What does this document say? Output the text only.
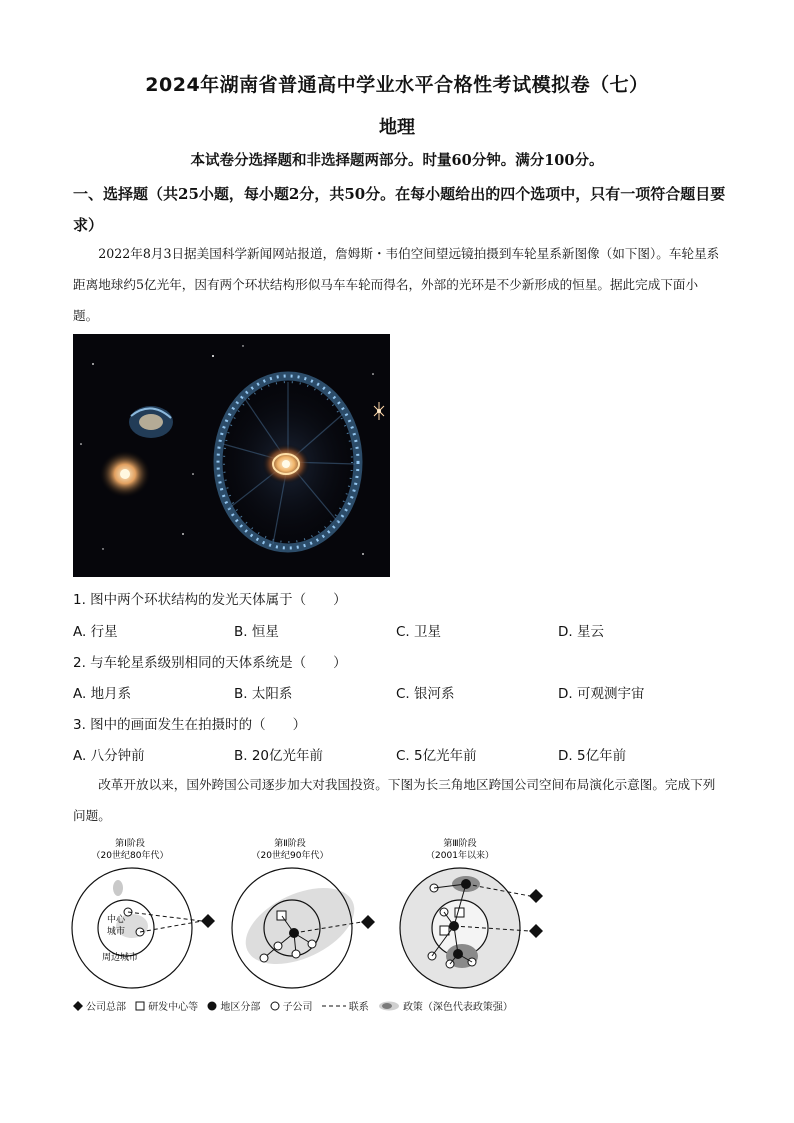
2024年湖南省普通高中学业水平合格性考试模拟卷（七）
地理
本试卷分选择题和非选择题两部分。时量60分钟。满分100分。
一、选择题（共25小题，每小题2分，共50分。在每小题给出的四个选项中，只有一项符合题目要求）
2022年8月3日据美国科学新闻网站报道，詹姆斯・韦伯空间望远镜拍摄到车轮星系新图像（如下图）。车轮星系距离地球约5亿光年，因有两个环状结构形似马车车轮而得名，外部的光环是不少新形成的恒星。据此完成下面小题。
1. 图中两个环状结构的发光天体属于（　　）
A. 行星	B. 恒星	C. 卫星	D. 星云
2. 与车轮星系级别相同的天体系统是（　　）
A. 地月系	B. 太阳系	C. 银河系	D. 可观测宇宙
3. 图中的画面发生在拍摄时的（　　）
A. 八分钟前	B. 20亿光年前	C. 5亿光年前	D. 5亿年前
改革开放以来，国外跨国公司逐步加大对我国投资。下图为长三角地区跨国公司空间布局演化示意图。完成下列问题。
第Ⅰ阶段
（20世纪80年代）
第Ⅱ阶段
（20世纪90年代）
第Ⅲ阶段
（2001年以来）
中心
城市
周边城市
公司总部
研发中心等
地区分部
子公司
	联系
	政策（深色代表政策强）
